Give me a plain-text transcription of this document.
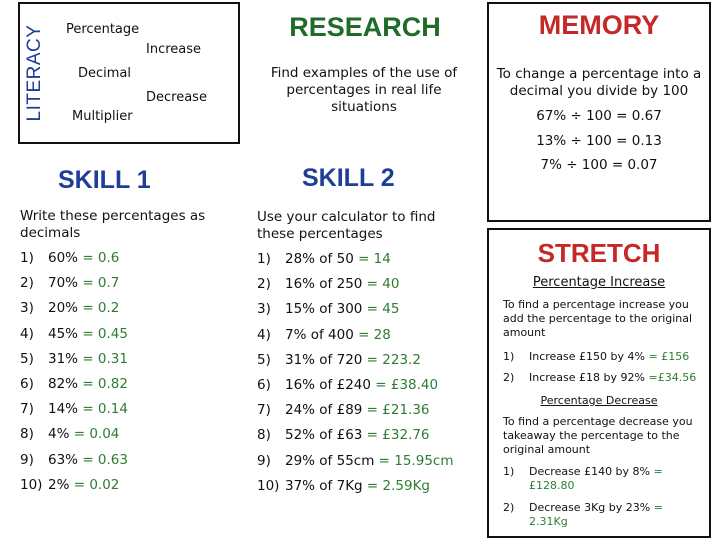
LITERACY Percentage
Increase
Decimal
Decrease
Multiplier
RESEARCH
Find examples of the use of percentages in real life situations
MEMORY
To change a percentage into a decimal you divide by 100
67% ÷ 100 = 0.67
13% ÷ 100 = 0.13
7% ÷ 100 = 0.07
SKILL 1
Write these percentages as decimals
1) 60% = 0.6
2) 70% = 0.7
3) 20% = 0.2
4) 45% = 0.45
5) 31% = 0.31
6) 82% = 0.82
7) 14% = 0.14
8) 4% = 0.04
9) 63% = 0.63
10) 2% = 0.02
SKILL 2
Use your calculator to find these percentages
1) 28% of 50 = 14
2) 16% of 250 = 40
3) 15% of 300 = 45
4) 7% of 400 = 28
5) 31% of 720 = 223.2
6) 16% of £240 = £38.40
7) 24% of £89 = £21.36
8) 52% of £63 = £32.76
9) 29% of 55cm = 15.95cm
10) 37% of 7Kg = 2.59Kg
STRETCH
Percentage Increase
To find a percentage increase you add the percentage to the original amount
Percentage Decrease
To find a percentage decrease you takeaway the percentage to the original amount
1) Increase £150 by 4% = £156
2) Increase £18 by 92% =£34.56
1) Decrease £140 by 8% = £128.80
2) Decrease 3Kg by 23% = 2.31Kg
